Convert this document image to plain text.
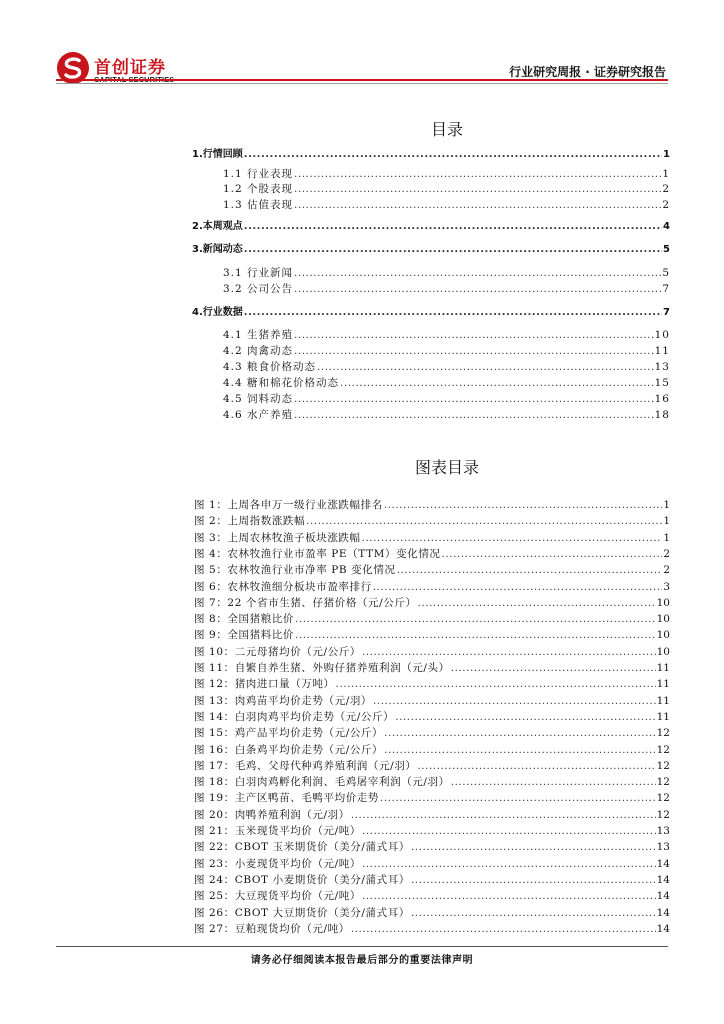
首创证券	行业研究周报 · 证券研究报告
目录
1.行情回顾 .....	1
1.1 行业表现 .....	1
1.2 个股表现 .....	2
1.3 估值表现 .....	2
2.本周观点 .....	4
3.新闻动态 .....	5
3.1 行业新闻 .....	5
3.2 公司公告 .....	7
4.行业数据 .....	7
4.1 生猪养殖 .....	10
4.2 肉禽动态 .....	11
4.3 粮食价格动态 .....	13
4.4 糖和棉花价格动态 .....	15
4.5 饲料动态 .....	16
4.6 水产养殖 .....	18
图表目录
图 1：上周各申万一级行业涨跌幅排名 .....	1
图 2：上周指数涨跌幅 .....	1
图 3：上周农林牧渔子板块涨跌幅 .....	1
图 4：农林牧渔行业市盈率 PE（TTM）变化情况 .....	2
图 5：农林牧渔行业市净率 PB 变化情况 .....	2
图 6：农林牧渔细分板块市盈率排行 .....	3
图 7：22 个省市生猪、仔猪价格（元/公斤） .....	10
图 8：全国猪粮比价 .....	10
图 9：全国猪料比价 .....	10
图 10：二元母猪均价（元/公斤） .....	10
图 11：自繁自养生猪、外购仔猪养殖利润（元/头） .....	11
图 12：猪肉进口量（万吨） .....	11
图 13：肉鸡苗平均价走势（元/羽） .....	11
图 14：白羽肉鸡平均价走势（元/公斤） .....	11
图 15：鸡产品平均价走势（元/公斤） .....	12
图 16：白条鸡平均价走势（元/公斤） .....	12
图 17：毛鸡、父母代种鸡养殖利润（元/羽） .....	12
图 18：白羽肉鸡孵化利润、毛鸡屠宰利润（元/羽） .....	12
图 19：主产区鸭苗、毛鸭平均价走势 .....	12
图 20：肉鸭养殖利润（元/羽） .....	12
图 21：玉米现货平均价（元/吨） .....	13
图 22：CBOT 玉米期货价（美分/蒲式耳） .....	13
图 23：小麦现货平均价（元/吨） .....	14
图 24：CBOT 小麦期货价（美分/蒲式耳） .....	14
图 25：大豆现货平均价（元/吨） .....	14
图 26：CBOT 大豆期货价（美分/蒲式耳） .....	14
图 27：豆粕现货均价（元/吨） .....	14
请务必仔细阅读本报告最后部分的重要法律声明
